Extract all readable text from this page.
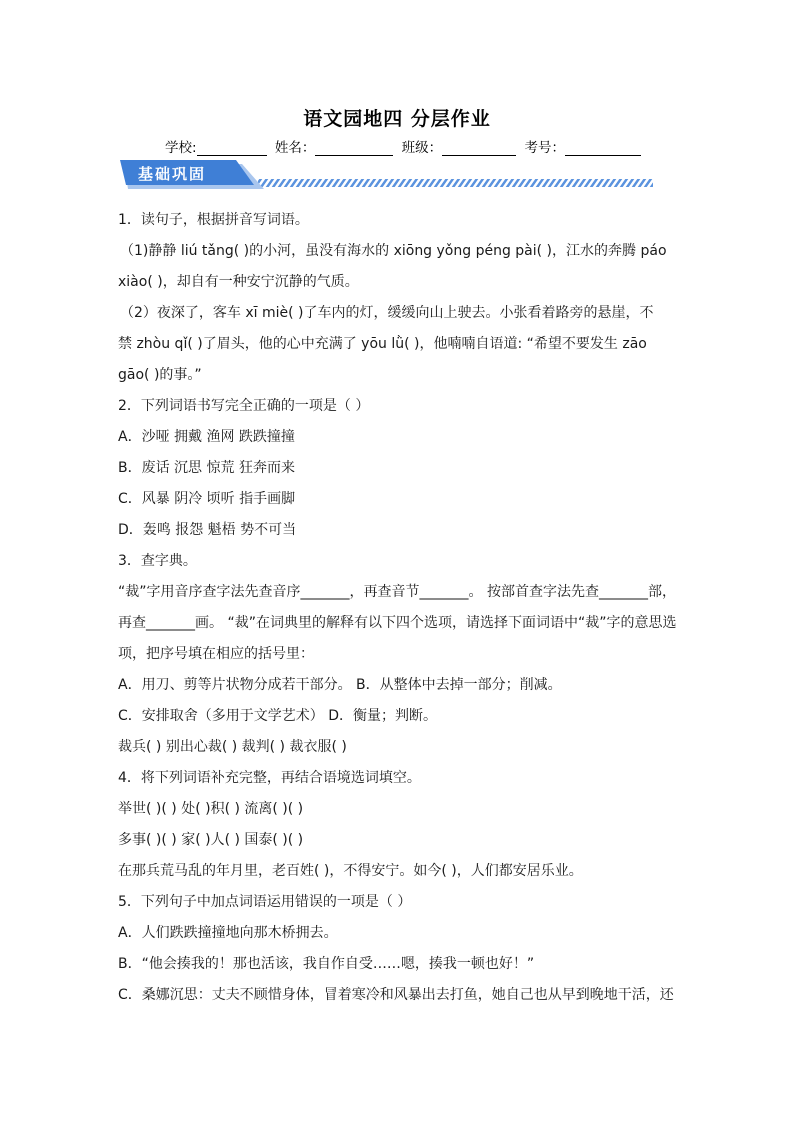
语文园地四 分层作业
学校:	姓名：	班级：	考号：
基础巩固
1．读句子，根据拼音写词语。
（1)静静 liú tǎng( )的小河，虽没有海水的 xiōng yǒng péng pài( )，江水的奔腾 páo
xiào( )，却自有一种安宁沉静的气质。
（2）夜深了，客车 xī miè( )了车内的灯，缓缓向山上驶去。小张看着路旁的悬崖，不
禁 zhòu qǐ( )了眉头，他的心中充满了 yōu lǜ( )，他喃喃自语道: “希望不要发生 zāo
gāo( )的事。”
2．下列词语书写完全正确的一项是（ ）
A．沙哑 拥戴 渔网 跌跌撞撞
B．废话 沉思 惊荒 狂奔而来
C．风暴 阴冷 顷听 指手画脚
D．轰鸣 报怨 魁梧 势不可当
3．查字典。
“裁”字用音序查字法先查音序_______，再查音节_______。 按部首查字法先查_______部，
再查_______画。 “裁”在词典里的解释有以下四个选项，请选择下面词语中“裁”字的意思选
项，把序号填在相应的括号里：
A．用刀、剪等片状物分成若干部分。 B．从整体中去掉一部分；削减。
C．安排取舍（多用于文学艺术） D．衡量；判断。
裁兵( ) 别出心裁( ) 裁判( ) 裁衣服( )
4．将下列词语补充完整，再结合语境选词填空。
举世( )( ) 处( )积( ) 流离( )( )
多事( )( ) 家( )人( ) 国泰( )( )
在那兵荒马乱的年月里，老百姓( )，不得安宁。如今( )，人们都安居乐业。
5．下列句子中加点词语运用错误的一项是（ ）
A．人们跌跌撞撞地向那木桥拥去。
B．“他会揍我的！那也活该，我自作自受……嗯，揍我一顿也好！”
C．桑娜沉思：丈夫不顾惜身体，冒着寒冷和风暴出去打鱼，她自己也从早到晚地干活，还
